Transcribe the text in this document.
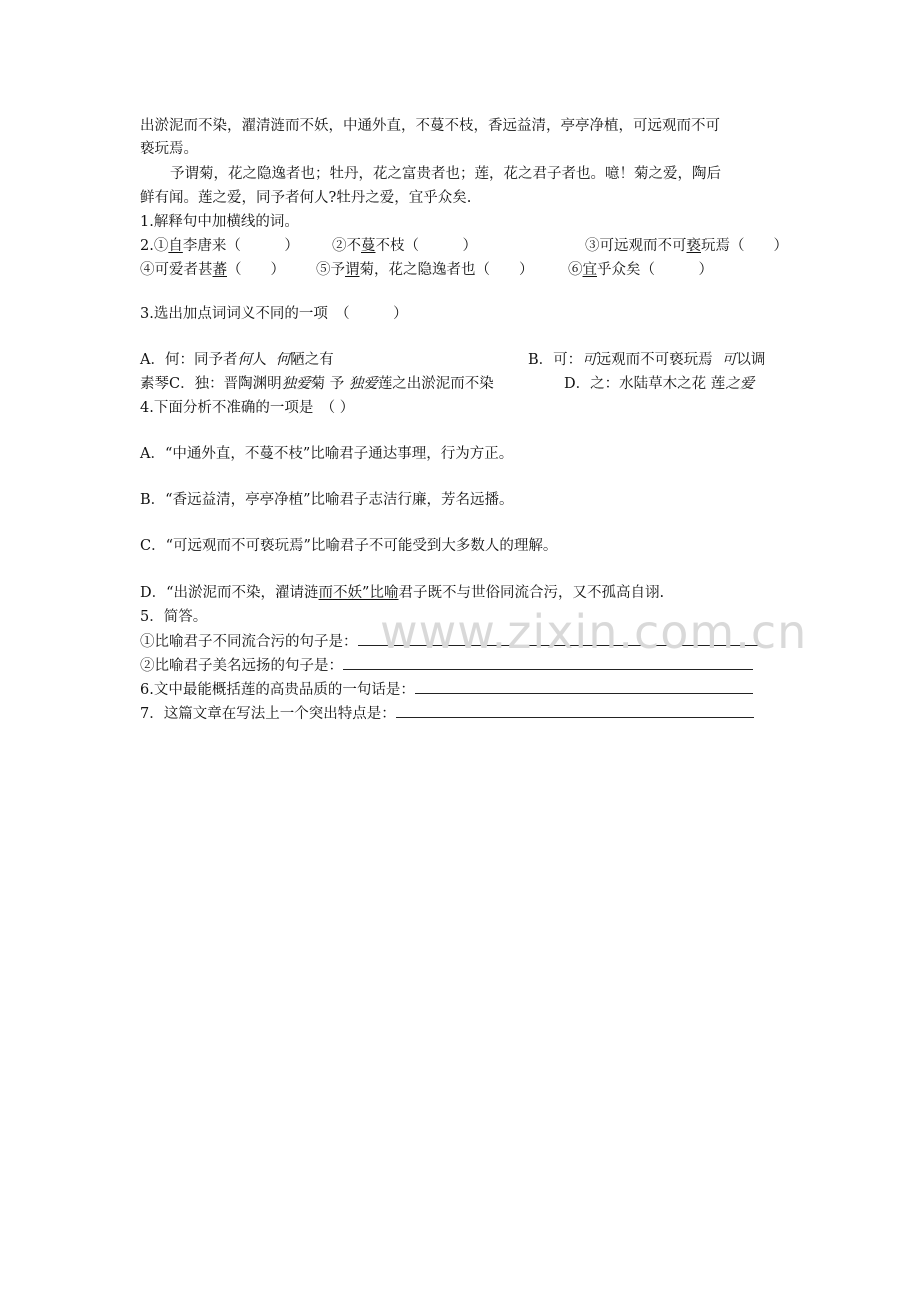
出淤泥而不染，濯清涟而不妖，中通外直，不蔓不枝，香远益清，亭亭净植，可远观而不可
亵玩焉。
予谓菊，花之隐逸者也；牡丹，花之富贵者也；莲，花之君子者也。噫！菊之爱，陶后
鲜有闻。莲之爱，同予者何人?牡丹之爱，宜乎众矣.
1.解释句中加横线的词。
2.①自李唐来（　　　） ②不蔓不枝（　　　）	③可远观而不可亵玩焉（　　）
④可爱者甚蕃（　　） ⑤予谓菊，花之隐逸者也（　　） ⑥宜乎众矣（　　　）
3.选出加点词词义不同的一项　（　　　）
A．何：同予者何人 何陋之有	B．可：可远观而不可亵玩焉 可以调
素琴C．独：晋陶渊明独爱菊 予 独爱莲之出淤泥而不染	D．之：水陆草木之花 莲之爱
4.下面分析不准确的一项是　（ ）
A．“中通外直，不蔓不枝”比喻君子通达事理，行为方正。
B．“香远益清，亭亭净植”比喻君子志洁行廉，芳名远播。
C．“可远观而不可亵玩焉”比喻君子不可能受到大多数人的理解。
D．“出淤泥而不染，濯请涟而不妖”比喻君子既不与世俗同流合污，又不孤高自诩.
5．简答。
①比喻君子不同流合污的句子是：
②比喻君子美名远扬的句子是：
6.文中最能概括莲的高贵品质的一句话是：
7．这篇文章在写法上一个突出特点是：
www.zixin.com.cn
